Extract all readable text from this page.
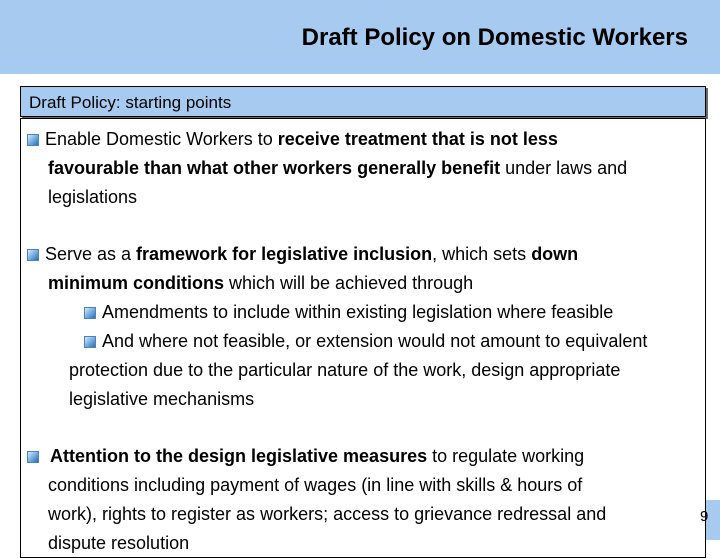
Draft Policy on Domestic Workers
Draft Policy: starting points
9
Enable Domestic Workers to receive treatment that is not less
favourable than what other workers generally benefit under laws and
legislations
Serve as a framework for legislative inclusion, which sets down
minimum conditions which will be achieved through
Amendments to include within existing legislation where feasible
And where not feasible, or extension would not amount to equivalent
protection due to the particular nature of the work, design appropriate
legislative mechanisms
Attention to the design legislative measures to regulate working
conditions including payment of wages (in line with skills & hours of
work), rights to register as workers; access to grievance redressal and
dispute resolution
